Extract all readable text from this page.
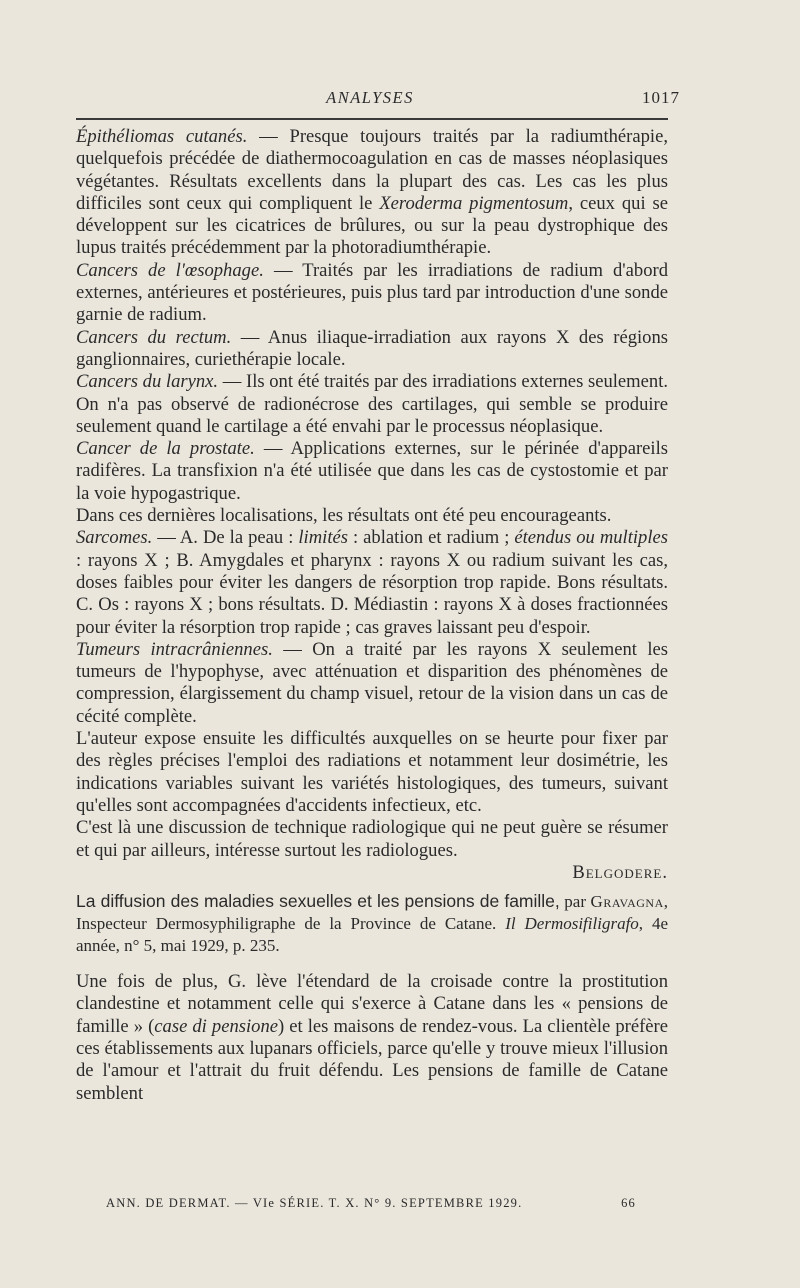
ANALYSES	1017

Épithéliomas cutanés. — Presque toujours traités par la radiumthérapie, quelquefois précédée de diathermocoagulation en cas de masses néoplasiques végétantes. Résultats excellents dans la plupart des cas. Les cas les plus difficiles sont ceux qui compliquent le Xeroderma pigmentosum, ceux qui se développent sur les cicatrices de brûlures, ou sur la peau dystrophique des lupus traités précédemment par la photoradiumthérapie.

Cancers de l'œsophage. — Traités par les irradiations de radium d'abord externes, antérieures et postérieures, puis plus tard par introduction d'une sonde garnie de radium.

Cancers du rectum. — Anus iliaque-irradiation aux rayons X des régions ganglionnaires, curiethérapie locale.

Cancers du larynx. — Ils ont été traités par des irradiations externes seulement. On n'a pas observé de radionécrose des cartilages, qui semble se produire seulement quand le cartilage a été envahi par le processus néoplasique.

Cancer de la prostate. — Applications externes, sur le périnée d'appareils radifères. La transfixion n'a été utilisée que dans les cas de cystostomie et par la voie hypogastrique.

Dans ces dernières localisations, les résultats ont été peu encourageants.

Sarcomes. — A. De la peau : limités : ablation et radium ; étendus ou multiples : rayons X ; B. Amygdales et pharynx : rayons X ou radium suivant les cas, doses faibles pour éviter les dangers de résorption trop rapide. Bons résultats. C. Os : rayons X ; bons résultats. D. Médiastin : rayons X à doses fractionnées pour éviter la résorption trop rapide ; cas graves laissant peu d'espoir.

Tumeurs intracrâniennes. — On a traité par les rayons X seulement les tumeurs de l'hypophyse, avec atténuation et disparition des phénomènes de compression, élargissement du champ visuel, retour de la vision dans un cas de cécité complète.

L'auteur expose ensuite les difficultés auxquelles on se heurte pour fixer par des règles précises l'emploi des radiations et notamment leur dosimétrie, les indications variables suivant les variétés histologiques, des tumeurs, suivant qu'elles sont accompagnées d'accidents infectieux, etc.

C'est là une discussion de technique radiologique qui ne peut guère se résumer et qui par ailleurs, intéresse surtout les radiologues.

Belgodere.

La diffusion des maladies sexuelles et les pensions de famille, par Gravagna, Inspecteur Dermosyphiligraphe de la Province de Catane. Il Dermosifiligrafo, 4e année, n° 5, mai 1929, p. 235.

Une fois de plus, G. lève l'étendard de la croisade contre la prostitution clandestine et notamment celle qui s'exerce à Catane dans les « pensions de famille » (case di pensione) et les maisons de rendez-vous. La clientèle préfère ces établissements aux lupanars officiels, parce qu'elle y trouve mieux l'illusion de l'amour et l'attrait du fruit défendu. Les pensions de famille de Catane semblent

ANN. DE DERMAT. — VIe SÉRIE. T. X. N° 9. SEPTEMBRE 1929.	66
